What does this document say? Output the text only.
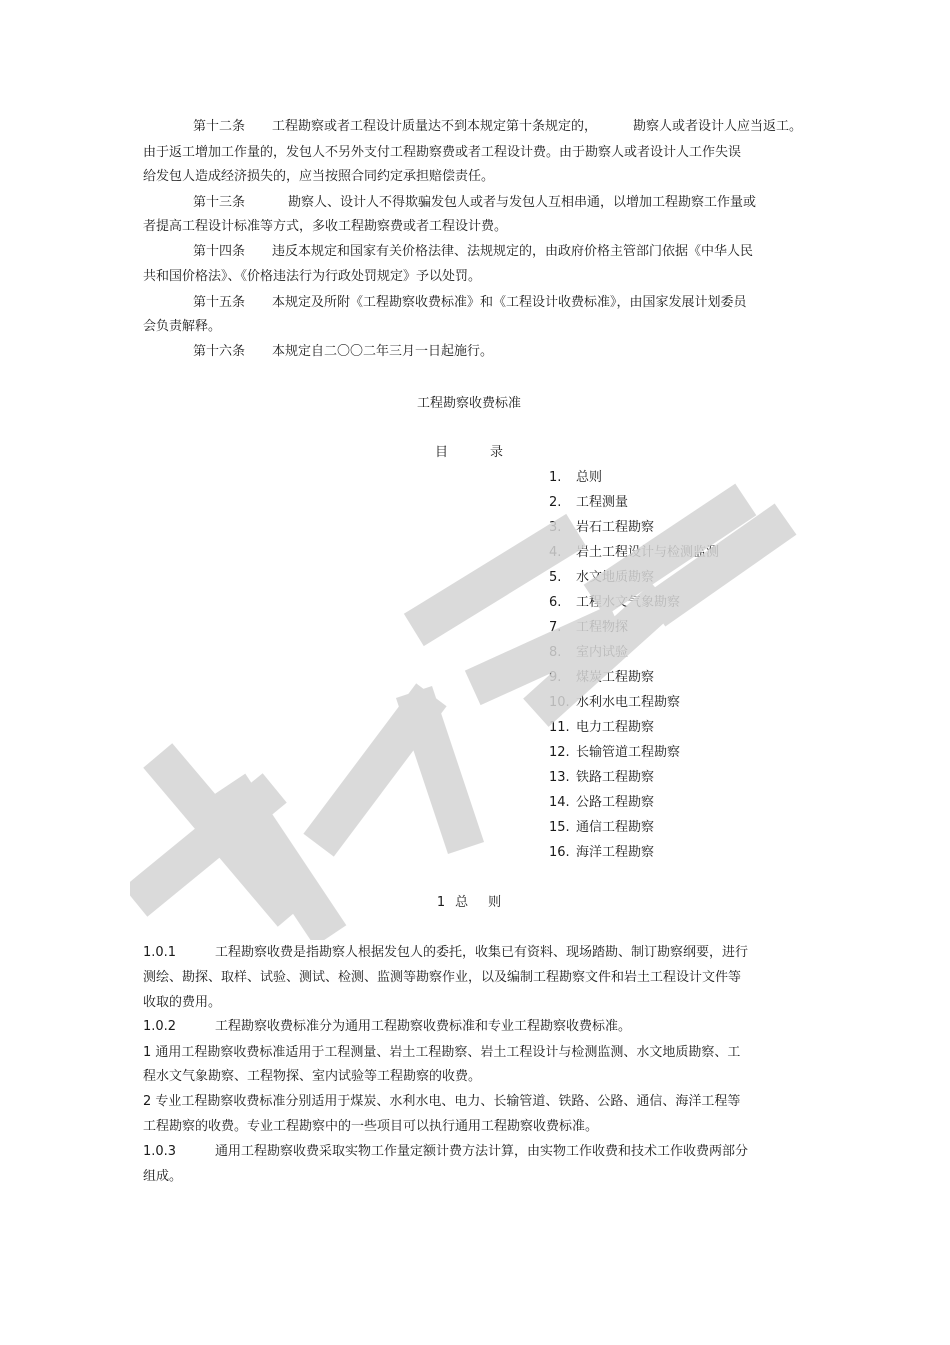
第十二条 工程勘察或者工程设计质量达不到本规定第十条规定的，	勘察人或者设计人应当返工。
由于返工增加工作量的，发包人不另外支付工程勘察费或者工程设计费。由于勘察人或者设计人工作失误
给发包人造成经济损失的，应当按照合同约定承担赔偿责任。
第十三条	勘察人、设计人不得欺骗发包人或者与发包人互相串通，以增加工程勘察工作量或
者提高工程设计标准等方式，多收工程勘察费或者工程设计费。
第十四条 违反本规定和国家有关价格法律、法规规定的，由政府价格主管部门依据《中华人民
共和国价格法》、《价格违法行为行政处罚规定》予以处罚。
第十五条 本规定及所附《工程勘察收费标准》和《工程设计收费标准》，由国家发展计划委员
会负责解释。
第十六条 本规定自二〇〇二年三月一日起施行。
工程勘察收费标准
目	录
1. 总则
2. 工程测量
3. 岩石工程勘察
4. 岩土工程设计与检测监测
5. 水文地质勘察
6. 工程水文气象勘察
7. 工程物探
8. 室内试验
9. 煤炭工程勘察
10. 水利水电工程勘察
11. 电力工程勘察
12. 长输管道工程勘察
13. 铁路工程勘察
14. 公路工程勘察
15. 通信工程勘察
16. 海洋工程勘察
1 总 则
1.0.1	工程勘察收费是指勘察人根据发包人的委托，收集已有资料、现场踏勘、制订勘察纲要，进行
测绘、勘探、取样、试验、测试、检测、监测等勘察作业，以及编制工程勘察文件和岩土工程设计文件等
收取的费用。
1.0.2	工程勘察收费标准分为通用工程勘察收费标准和专业工程勘察收费标准。
1 通用工程勘察收费标准适用于工程测量、岩土工程勘察、岩土工程设计与检测监测、水文地质勘察、工
程水文气象勘察、工程物探、室内试验等工程勘察的收费。
2 专业工程勘察收费标准分别适用于煤炭、水利水电、电力、长输管道、铁路、公路、通信、海洋工程等
工程勘察的收费。专业工程勘察中的一些项目可以执行通用工程勘察收费标准。
1.0.3	通用工程勘察收费采取实物工作量定额计费方法计算，由实物工作收费和技术工作收费两部分
组成。
